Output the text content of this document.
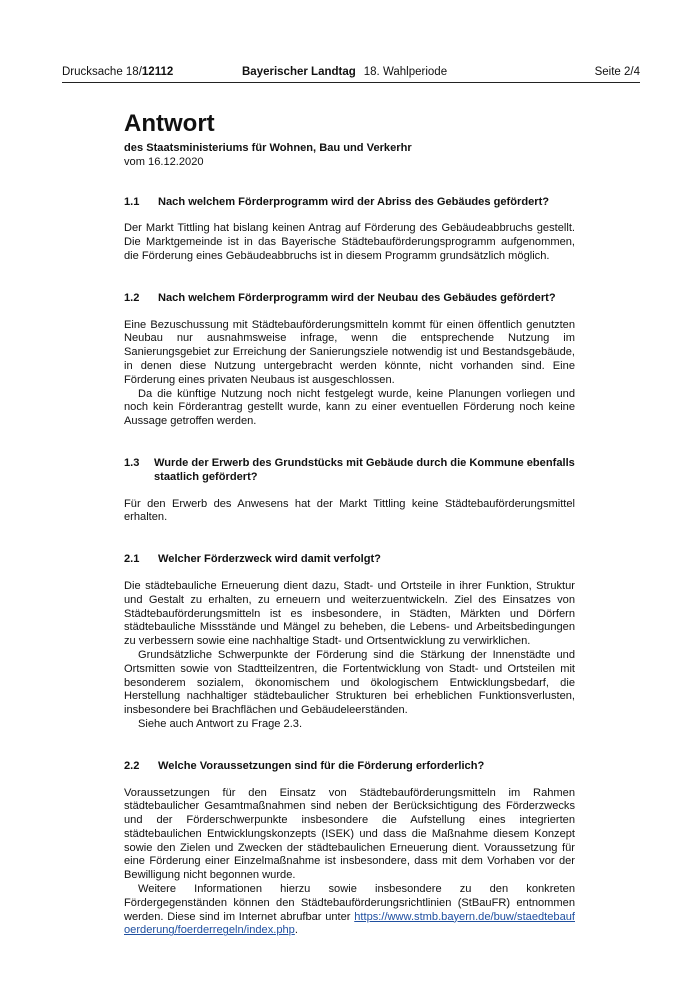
Drucksache 18/12112	Bayerischer Landtag 18. Wahlperiode	Seite 2/4
Antwort
des Staatsministeriums für Wohnen, Bau und Verkerhr
vom 16.12.2020
1.1	Nach welchem Förderprogramm wird der Abriss des Gebäudes gefördert?

Der Markt Tittling hat bislang keinen Antrag auf Förderung des Gebäudeabbruchs gestellt. Die Marktgemeinde ist in das Bayerische Städtebauförderungsprogramm aufgenommen, die Förderung eines Gebäudeabbruchs ist in diesem Programm grundsätzlich möglich.

1.2	Nach welchem Förderprogramm wird der Neubau des Gebäudes gefördert?

Eine Bezuschussung mit Städtebauförderungsmitteln kommt für einen öffentlich genutzten Neubau nur ausnahmsweise infrage, wenn die entsprechende Nutzung im Sanierungsgebiet zur Erreichung der Sanierungsziele notwendig ist und Bestandsgebäude, in denen diese Nutzung untergebracht werden könnte, nicht vorhanden sind. Eine Förderung eines privaten Neubaus ist ausgeschlossen.

Da die künftige Nutzung noch nicht festgelegt wurde, keine Planungen vorliegen und noch kein Förderantrag gestellt wurde, kann zu einer eventuellen Förderung noch keine Aussage getroffen werden.

1.3	Wurde der Erwerb des Grundstücks mit Gebäude durch die Kommune ebenfalls staatlich gefördert?

Für den Erwerb des Anwesens hat der Markt Tittling keine Städtebauförderungsmittel erhalten.

2.1	Welcher Förderzweck wird damit verfolgt?

Die städtebauliche Erneuerung dient dazu, Stadt- und Ortsteile in ihrer Funktion, Struktur und Gestalt zu erhalten, zu erneuern und weiterzuentwickeln. Ziel des Einsatzes von Städtebauförderungsmitteln ist es insbesondere, in Städten, Märkten und Dörfern städtebauliche Missstände und Mängel zu beheben, die Lebens- und Arbeitsbedingungen zu verbessern sowie eine nachhaltige Stadt- und Ortsentwicklung zu verwirklichen.

Grundsätzliche Schwerpunkte der Förderung sind die Stärkung der Innenstädte und Ortsmitten sowie von Stadtteilzentren, die Fortentwicklung von Stadt- und Ortsteilen mit besonderem sozialem, ökonomischem und ökologischem Entwicklungsbedarf, die Herstellung nachhaltiger städtebaulicher Strukturen bei erheblichen Funktionsverlusten, insbesondere bei Brachflächen und Gebäudeleerständen.

Siehe auch Antwort zu Frage 2.3.

2.2	Welche Voraussetzungen sind für die Förderung erforderlich?

Voraussetzungen für den Einsatz von Städtebauförderungsmitteln im Rahmen städtebaulicher Gesamtmaßnahmen sind neben der Berücksichtigung des Förderzwecks und der Förderschwerpunkte insbesondere die Aufstellung eines integrierten städtebaulichen Entwicklungskonzepts (ISEK) und dass die Maßnahme diesem Konzept sowie den Zielen und Zwecken der städtebaulichen Erneuerung dient. Voraussetzung für eine Förderung einer Einzelmaßnahme ist insbesondere, dass mit dem Vorhaben vor der Bewilligung nicht begonnen wurde.

Weitere Informationen hierzu sowie insbesondere zu den konkreten Fördergegenständen können den Städtebauförderungsrichtlinien (StBauFR) entnommen werden. Diese sind im Internet abrufbar unter https://www.stmb.bayern.de/buw/staedtebaufoerderung/foerderregeln/index.php.
